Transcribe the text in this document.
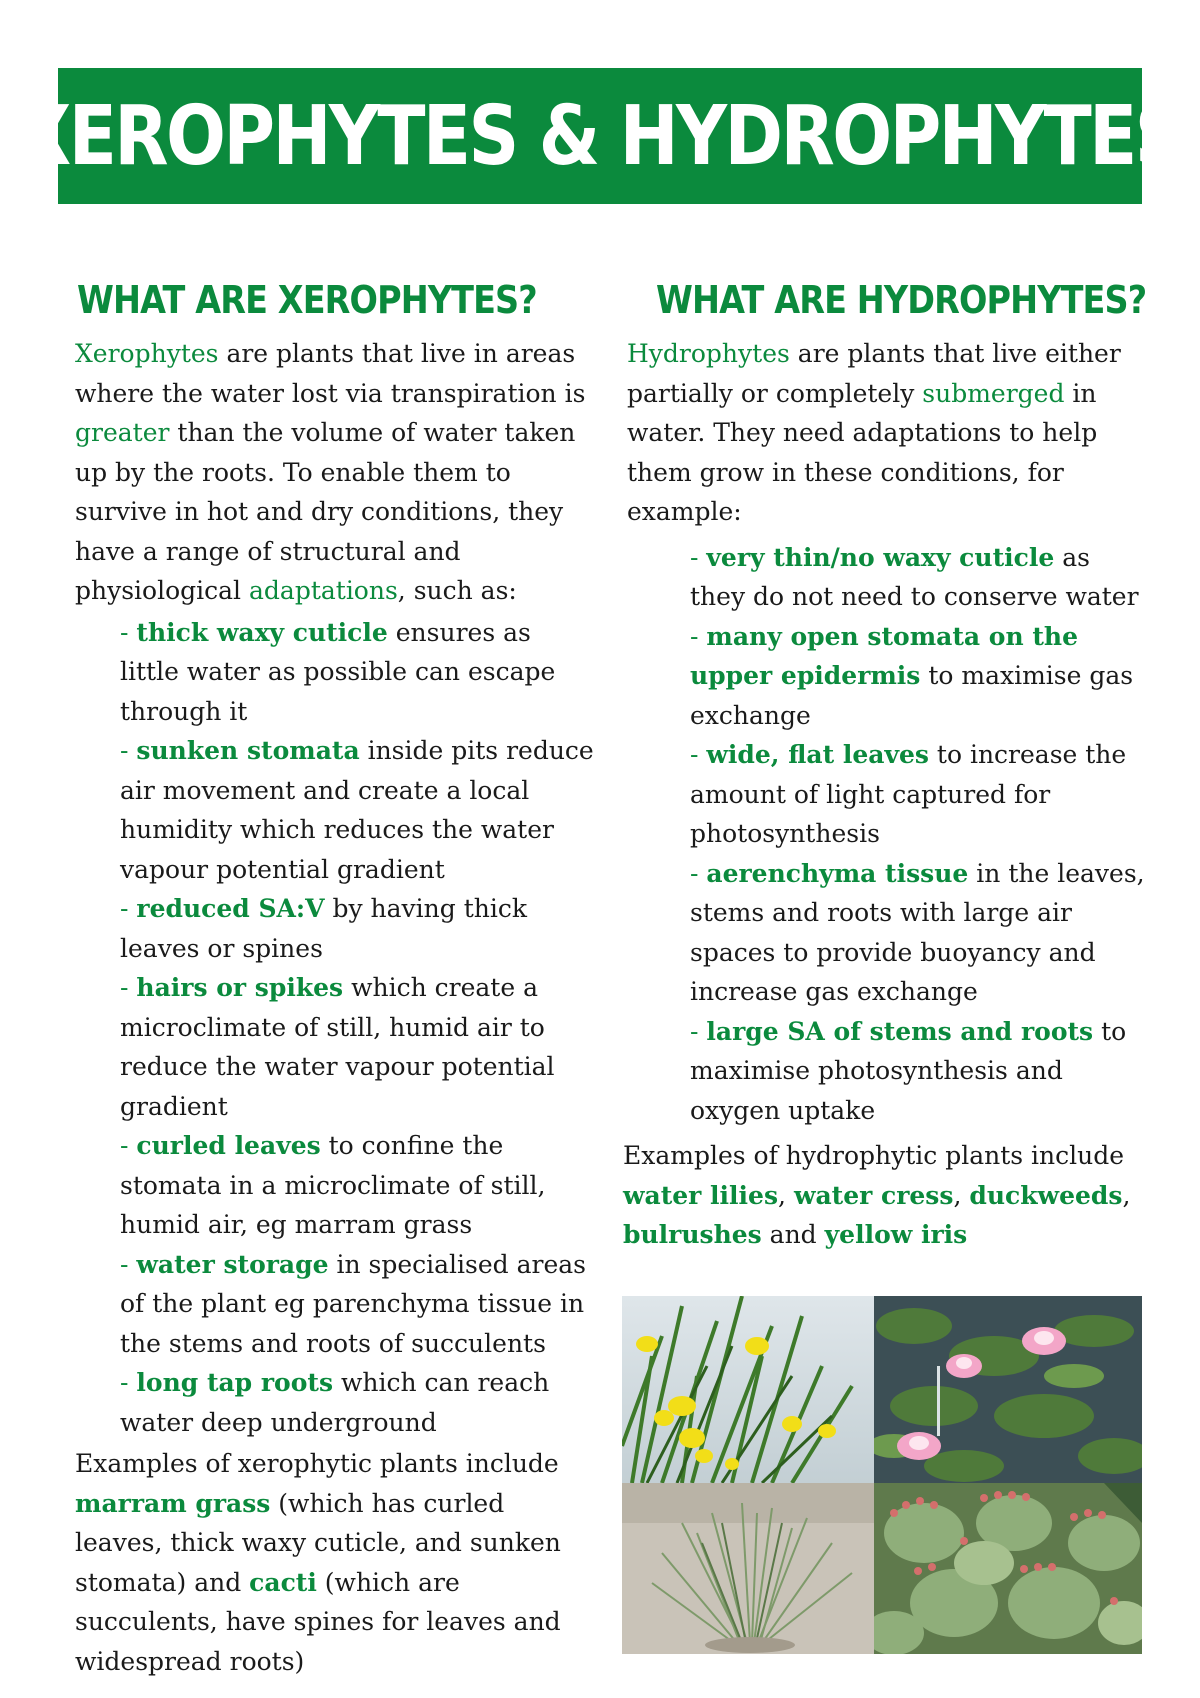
XEROPHYTES & HYDROPHYTES
WHAT ARE XEROPHYTES?

Xerophytes are plants that live in areas where the water lost via transpiration is greater than the volume of water taken up by the roots. To enable them to survive in hot and dry conditions, they have a range of structural and physiological adaptations, such as:

- thick waxy cuticle ensures as little water as possible can escape through it
- sunken stomata inside pits reduce air movement and create a local humidity which reduces the water vapour potential gradient
- reduced SA:V by having thick leaves or spines
- hairs or spikes which create a microclimate of still, humid air to reduce the water vapour potential gradient
- curled leaves to confine the stomata in a microclimate of still, humid air, eg marram grass
- water storage in specialised areas of the plant eg parenchyma tissue in the stems and roots of succulents
- long tap roots which can reach water deep underground

Examples of xerophytic plants include marram grass (which has curled leaves, thick waxy cuticle, and sunken stomata) and cacti (which are succulents, have spines for leaves and widespread roots)

WHAT ARE HYDROPHYTES?

Hydrophytes are plants that live either partially or completely submerged in water. They need adaptations to help them grow in these conditions, for example:

- very thin/no waxy cuticle as they do not need to conserve water
- many open stomata on the upper epidermis to maximise gas exchange
- wide, flat leaves to increase the amount of light captured for photosynthesis
- aerenchyma tissue in the leaves, stems and roots with large air spaces to provide buoyancy and increase gas exchange
- large SA of stems and roots to maximise photosynthesis and oxygen uptake

Examples of hydrophytic plants include water lilies, water cress, duckweeds, bulrushes and yellow iris
